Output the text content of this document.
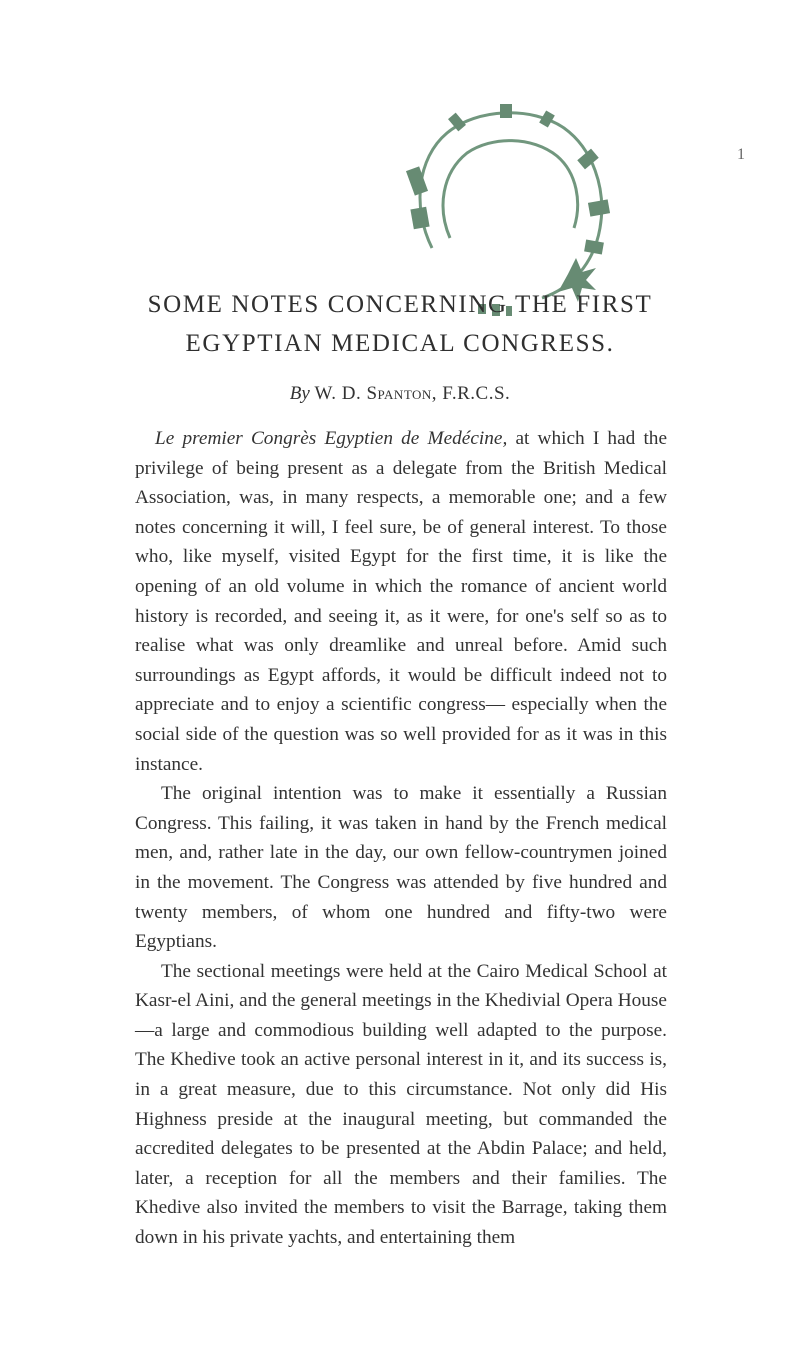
1
SOME NOTES CONCERNING THE FIRST
EGYPTIAN MEDICAL CONGRESS.
By W. D. Spanton, F.R.C.S.

Le premier Congrès Egyptien de Medécine, at which I had the privilege of being present as a delegate from the British Medical Association, was, in many respects, a memorable one; and a few notes concerning it will, I feel sure, be of general interest. To those who, like myself, visited Egypt for the first time, it is like the opening of an old volume in which the romance of ancient world history is recorded, and seeing it, as it were, for one's self so as to realise what was only dreamlike and unreal before. Amid such surroundings as Egypt affords, it would be difficult indeed not to appreciate and to enjoy a scientific congress— especially when the social side of the question was so well provided for as it was in this instance.

The original intention was to make it essentially a Russian Congress. This failing, it was taken in hand by the French medical men, and, rather late in the day, our own fellow-countrymen joined in the movement. The Congress was attended by five hundred and twenty members, of whom one hundred and fifty-two were Egyptians.

The sectional meetings were held at the Cairo Medical School at Kasr-el Aini, and the general meetings in the Khedivial Opera House—a large and commodious building well adapted to the purpose. The Khedive took an active personal interest in it, and its success is, in a great measure, due to this circumstance. Not only did His Highness preside at the inaugural meeting, but commanded the accredited delegates to be presented at the Abdin Palace; and held, later, a reception for all the members and their families. The Khedive also invited the members to visit the Barrage, taking them down in his private yachts, and entertaining them
